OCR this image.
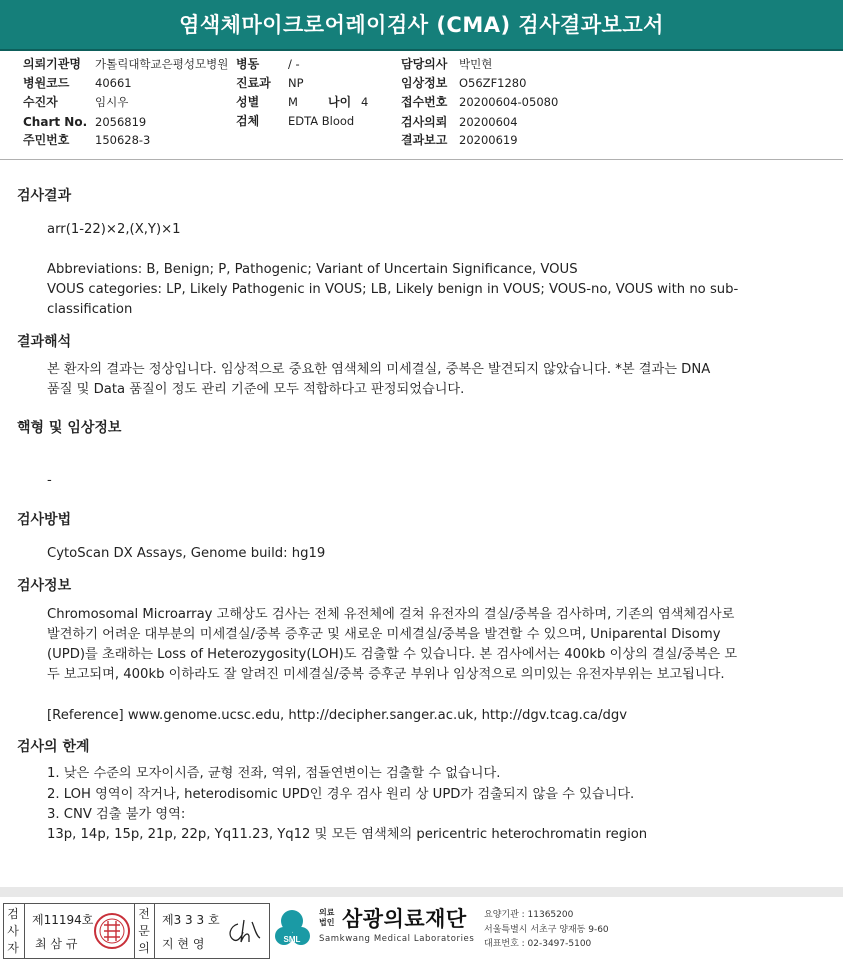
염색체마이크로어레이검사 (CMA) 검사결과보고서
의뢰기관명 가톨릭대학교은평성모병원 병동	/ -	담당의사 박민현
병원코드 40661	진료과 NP	임상정보 O56ZF1280
수진자	임시우	성별	M	나이 4	접수번호 20200604-05080
Chart No. 2056819	검체	EDTA Blood	검사의뢰 20200604
주민번호 150628-3	결과보고 20200619
검사결과
arr(1-22)×2,(X,Y)×1
Abbreviations: B, Benign; P, Pathogenic; Variant of Uncertain Significance, VOUS
VOUS categories: LP, Likely Pathogenic in VOUS; LB, Likely benign in VOUS; VOUS-no, VOUS with no sub-
classification
결과해석
본 환자의 결과는 정상입니다. 임상적으로 중요한 염색체의 미세결실, 중복은 발견되지 않았습니다. *본 결과는 DNA
품질 및 Data 품질이 정도 관리 기준에 모두 적합하다고 판정되었습니다.
핵형 및 임상정보
-
검사방법
CytoScan DX Assays, Genome build: hg19
검사정보
Chromosomal Microarray 고해상도 검사는 전체 유전체에 걸쳐 유전자의 결실/중복을 검사하며, 기존의 염색체검사로
발견하기 어려운 대부분의 미세결실/중복 증후군 및 새로운 미세결실/중복을 발견할 수 있으며, Uniparental Disomy
(UPD)를 초래하는 Loss of Heterozygosity(LOH)도 검출할 수 있습니다. 본 검사에서는 400kb 이상의 결실/중복은 모
두 보고되며, 400kb 이하라도 잘 알려진 미세결실/중복 증후군 부위나 임상적으로 의미있는 유전자부위는 보고됩니다.
[Reference] www.genome.ucsc.edu, http://decipher.sanger.ac.uk, http://dgv.tcag.ca/dgv
검사의 한계
1. 낮은 수준의 모자이시즘, 균형 전좌, 역위, 점돌연변이는 검출할 수 없습니다.
2. LOH 영역이 작거나, heterodisomic UPD인 경우 검사 원리 상 UPD가 검출되지 않을 수 있습니다.
3. CNV 검출 불가 영역:
13p, 14p, 15p, 21p, 22p, Yq11.23, Yq12 및 모든 염색체의 pericentric heterochromatin region
검
사
자
제11194호
최 삼 규
전
문
의
제3 3 3 호
지 현 영	SML
의료
법인 삼광의료재단
Samkwang Medical Laboratories
요양기관 : 11365200
서울특별시 서초구 양재동 9-60
대표번호 : 02-3497-5100
